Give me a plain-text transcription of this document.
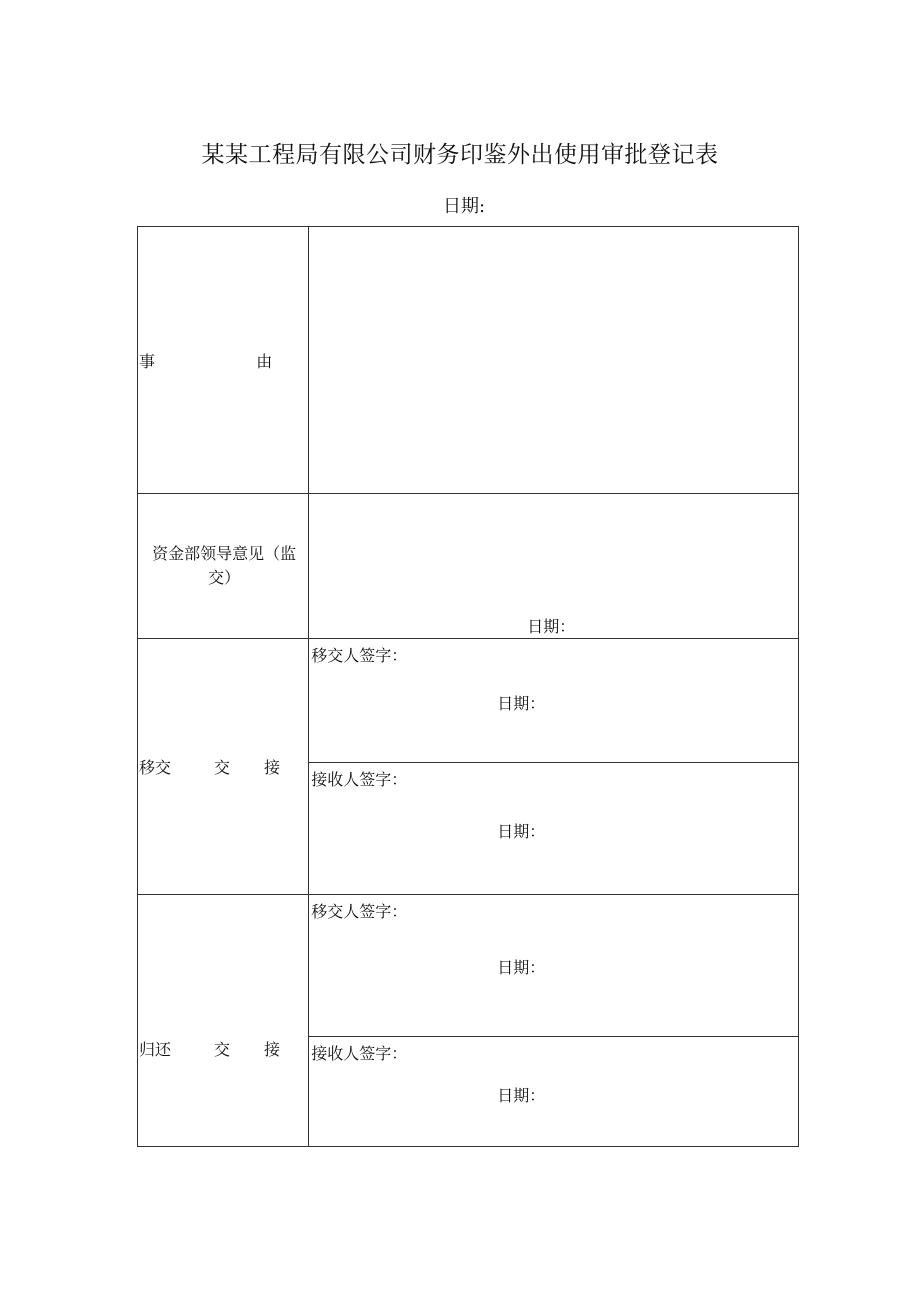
某某工程局有限公司财务印鉴外出使用审批登记表
日期:
事 由	

资金部领导意见（监交）	日期：

移交 交 接	移交人签字：
日期：

	接收人签字：
日期：

归还 交 接	移交人签字：
日期：

	接收人签字：
日期：
